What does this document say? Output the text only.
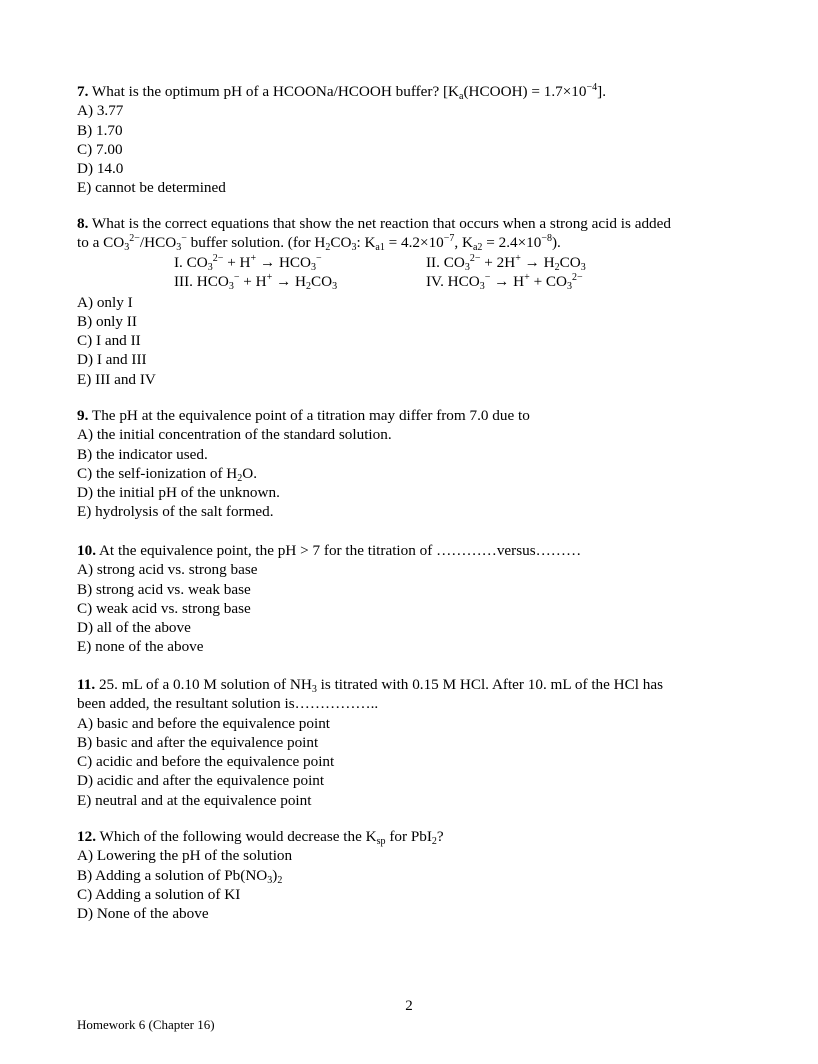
7. What is the optimum pH of a HCOONa/HCOOH buffer? $[K_a(HCOOH) = 1.7\times 10^{-4}]$.
A) 3.77
B) 1.70
C) 7.00
D) 14.0
E) cannot be determined
8. What is the correct equations that show the net reaction that occurs when a strong acid is added
to a $CO_3^{2-}/HCO_3^-$ buffer solution. (for $H_2CO_3$: $K_{a1} = 4.2\times 10^{-7}$, $K_{a2} = 2.4\times 10^{-8}$).
I. $CO_3^{2-} + H^+ \to HCO_3^-$	II. $CO_3^{2-} + 2H^+ \to H_2CO_3$
III. $HCO_3^- + H^+ \to H_2CO_3$	IV. $HCO_3^- \to H^+ + CO_3^{2-}$
A) only I
B) only II
C) I and II
D) I and III
E) III and IV
9. The pH at the equivalence point of a titration may differ from 7.0 due to
A) the initial concentration of the standard solution.
B) the indicator used.
C) the self-ionization of $H_2O$.
D) the initial pH of the unknown.
E) hydrolysis of the salt formed.
10. At the equivalence point, the pH > 7 for the titration of …………versus………
A) strong acid vs. strong base
B) strong acid vs. weak base
C) weak acid vs. strong base
D) all of the above
E) none of the above
11. 25. mL of a 0.10 M solution of $NH_3$ is titrated with 0.15 M HCl. After 10. mL of the HCl has
been added, the resultant solution is……………..
A) basic and before the equivalence point
B) basic and after the equivalence point
C) acidic and before the equivalence point
D) acidic and after the equivalence point
E) neutral and at the equivalence point
12. Which of the following would decrease the $K_{sp}$ for PbI$_2$?
A) Lowering the pH of the solution
B) Adding a solution of $Pb(NO_3)_2$
C) Adding a solution of KI
D) None of the above
2
Homework 6 (Chapter 16)
